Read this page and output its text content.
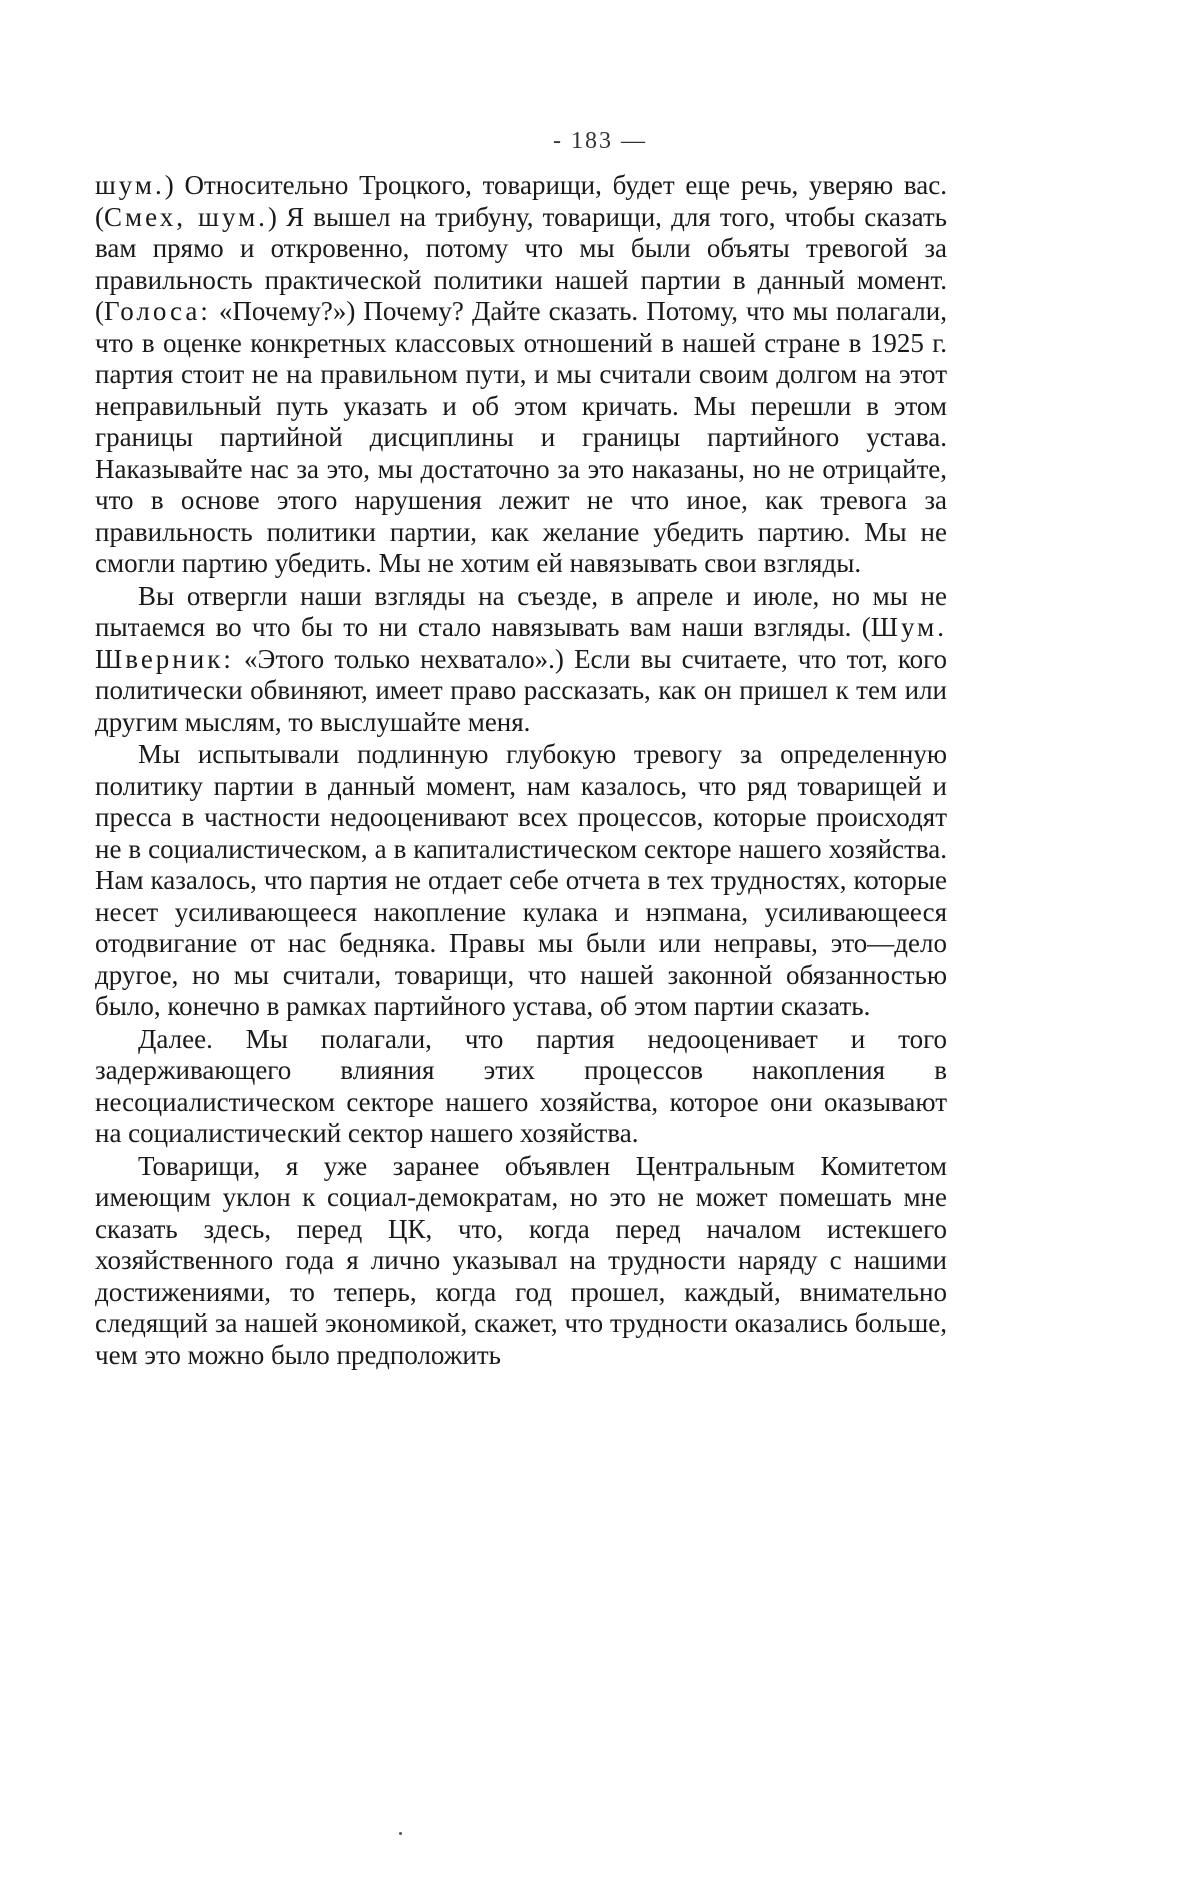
- 183 —

шум.) Относительно Троцкого, товарищи, будет еще речь, уверяю вас. (Смех, шум.) Я вышел на трибуну, товарищи, для того, чтобы сказать вам прямо и откровенно, потому что мы были объяты тревогой за правильность практической политики нашей партии в данный момент. (Голоса: «Почему?») Почему? Дайте сказать. Потому, что мы полагали, что в оценке конкретных классовых отношений в нашей стране в 1925 г. партия стоит не на правильном пути, и мы считали своим долгом на этот неправильный путь указать и об этом кричать. Мы перешли в этом границы партийной дисциплины и границы партийного устава. Наказывайте нас за это, мы достаточно за это наказаны, но не отрицайте, что в основе этого нарушения лежит не что иное, как тревога за правильность политики партии, как желание убедить партию. Мы не смогли партию убедить. Мы не хотим ей навязывать свои взгляды.

Вы отвергли наши взгляды на съезде, в апреле и июле, но мы не пытаемся во что бы то ни стало навязывать вам наши взгляды. (Шум. Шверник: «Этого только нехватало».) Если вы считаете, что тот, кого политически обвиняют, имеет право рассказать, как он пришел к тем или другим мыслям, то выслушайте меня.

Мы испытывали подлинную глубокую тревогу за определенную политику партии в данный момент, нам казалось, что ряд товарищей и пресса в частности недооценивают всех процессов, которые происходят не в социалистическом, а в капиталистическом секторе нашего хозяйства. Нам казалось, что партия не отдает себе отчета в тех трудностях, которые несет усиливающееся накопление кулака и нэпмана, усиливающееся отодвигание от нас бедняка. Правы мы были или неправы, это—дело другое, но мы считали, товарищи, что нашей законной обязанностью было, конечно в рамках партийного устава, об этом партии сказать.

Далее. Мы полагали, что партия недооценивает и того задерживающего влияния этих процессов накопления в несоциалистическом секторе нашего хозяйства, которое они оказывают на социалистический сектор нашего хозяйства.

Товарищи, я уже заранее объявлен Центральным Комитетом имеющим уклон к социал-демократам, но это не может помешать мне сказать здесь, перед ЦК, что, когда перед началом истекшего хозяйственного года я лично указывал на трудности наряду с нашими достижениями, то теперь, когда год прошел, каждый, внимательно следящий за нашей экономикой, скажет, что трудности оказались больше, чем это можно было предположить
